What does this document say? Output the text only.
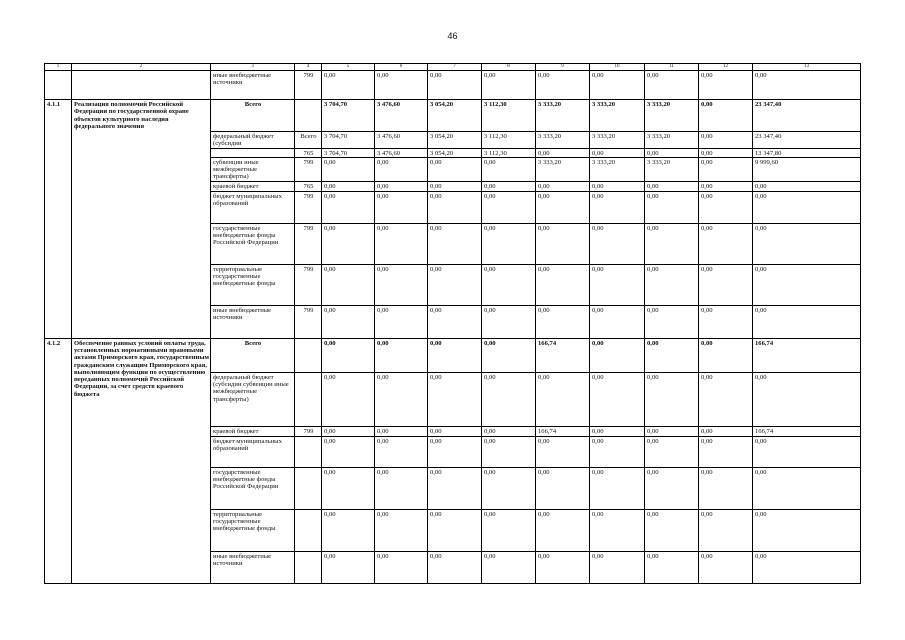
46
1	2	3	4	5	6	7	8	9	10	11	12	13
		иные внебюджетные источники	799	0,00	0,00	0,00	0,00	0,00	0,00	0,00	0,00	0,00
4.1.1	Реализация полномочий Российской Федерации по государственной охране объектов культурного наследия федерального значения	Всего		3 704,70	3 476,60	3 054,20	3 112,30	3 333,20	3 333,20	3 333,20	0,00	23 347,40
		федеральный бюджет (субсидии	Всего	3 704,70	3 476,60	3 054,20	3 112,30	3 333,20	3 333,20	3 333,20	0,00	23 347,40
			765	3 704,70	3 476,60	3 054,20	3 112,30	0,00	0,00	0,00	0,00	13 347,80
		субвенции иные межбюджетные трансферты)	799	0,00	0,00	0,00	0,00	3 333,20	3 333,20	3 333,20	0,00	9 999,60
		краевой бюджет	765	0,00	0,00	0,00	0,00	0,00	0,00	0,00	0,00	0,00
		бюджет муниципальных образований	799	0,00	0,00	0,00	0,00	0,00	0,00	0,00	0,00	0,00
		государственные внебюджетные фонды Российской Федерации	799	0,00	0,00	0,00	0,00	0,00	0,00	0,00	0,00	0,00
		территориальные государственные внебюджетные фонды	799	0,00	0,00	0,00	0,00	0,00	0,00	0,00	0,00	0,00
		иные внебюджетные источники	799	0,00	0,00	0,00	0,00	0,00	0,00	0,00	0,00	0,00
4.1.2	Обеспечение равных условий оплаты труда, установленных нормативными правовыми актами Приморского края, государственным гражданским служащим Приморского края, выполняющим функции по осуществлению переданных полномочий Российской Федерации, за счет средств краевого бюджета	Всего		0,00	0,00	0,00	0,00	166,74	0,00	0,00	0,00	166,74
		федеральный бюджет (субсидии субвенции иные межбюджетные трансферты)		0,00	0,00	0,00	0,00	0,00	0,00	0,00	0,00	0,00
		краевой бюджет	799	0,00	0,00	0,00	0,00	166,74	0,00	0,00	0,00	166,74
		бюджет муниципальных образований		0,00	0,00	0,00	0,00	0,00	0,00	0,00	0,00	0,00
		государственные внебюджетные фонды Российской Федерации		0,00	0,00	0,00	0,00	0,00	0,00	0,00	0,00	0,00
		территориальные государственные внебюджетные фонды		0,00	0,00	0,00	0,00	0,00	0,00	0,00	0,00	0,00
		иные внебюджетные источники		0,00	0,00	0,00	0,00	0,00	0,00	0,00	0,00	0,00
